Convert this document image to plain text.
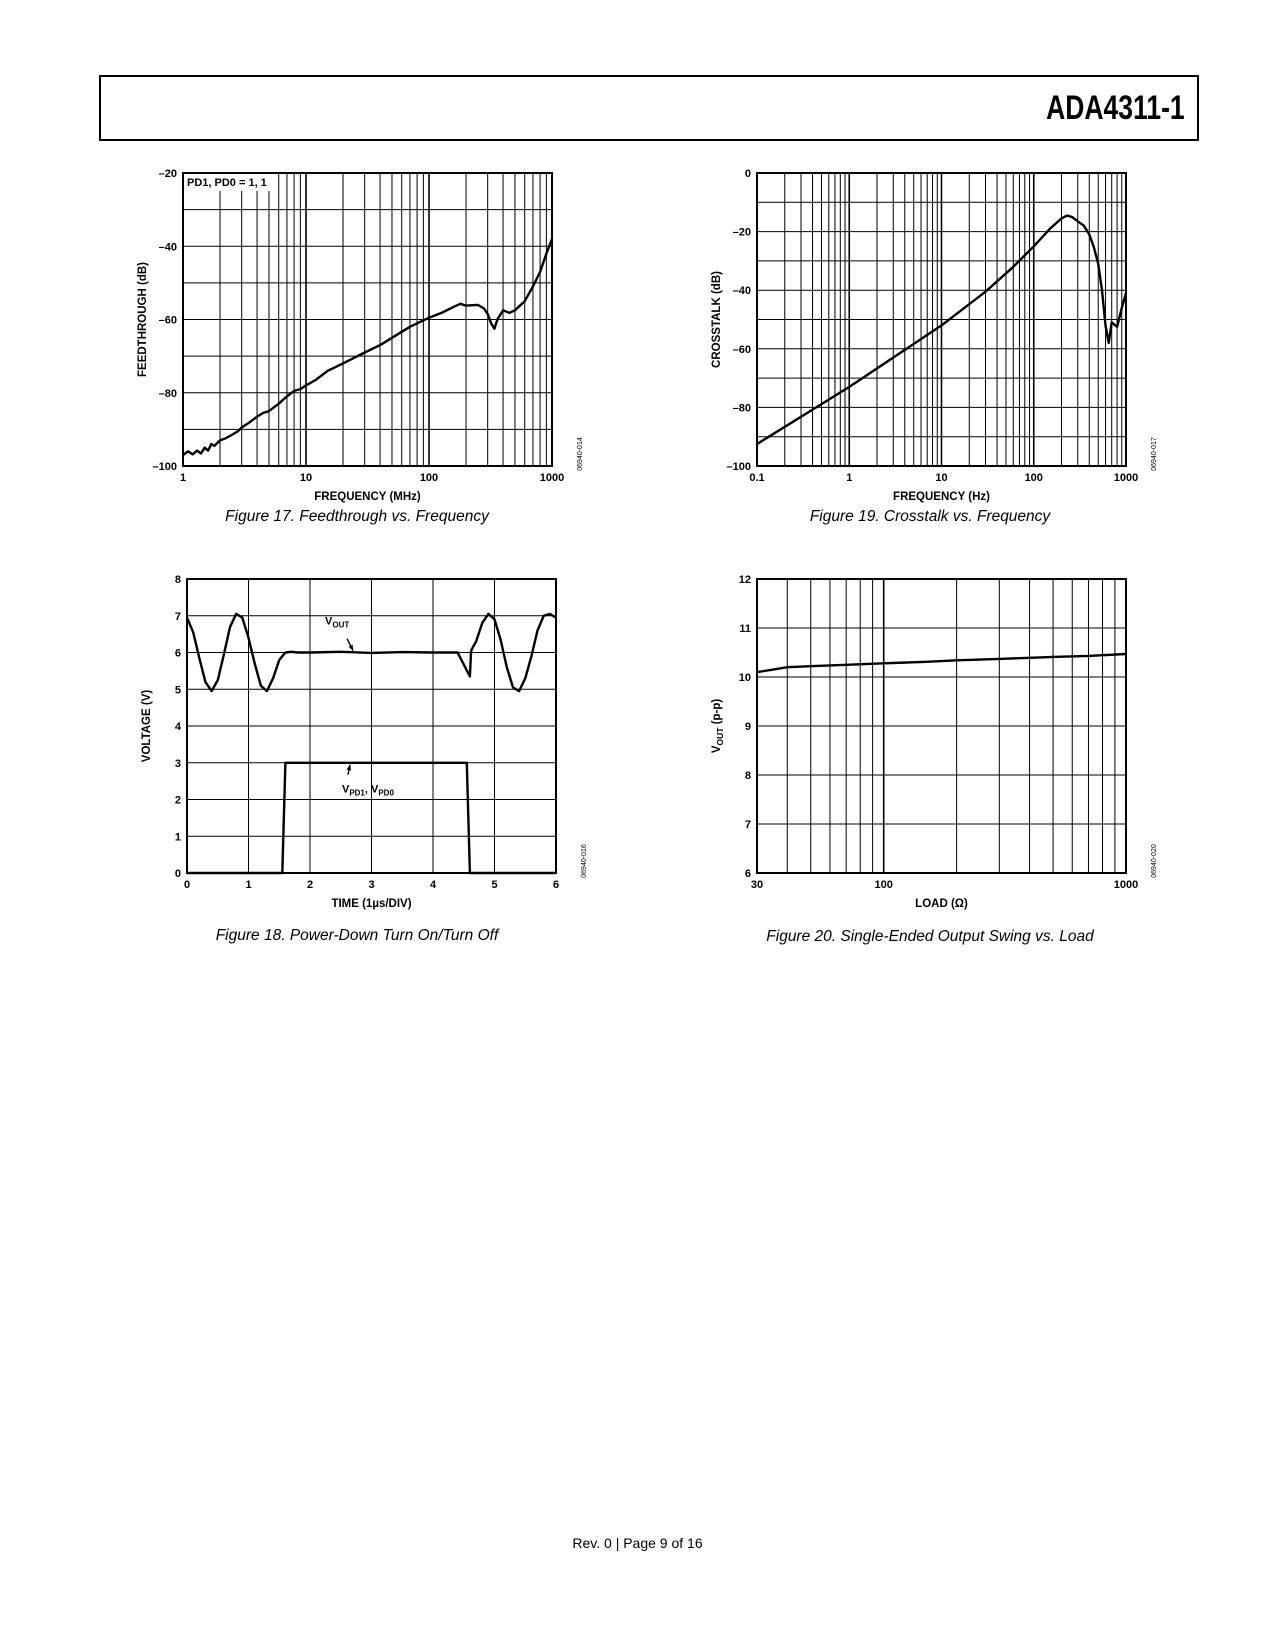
ADA4311-1
1	10	100	1000
–100
–80
–60
–40
–20
FREQUENCY (MHz)
FEEDTHROUGH (dB)
06940-014
PD1, PD0 = 1, 1
0.1	1	10	100	1000
–100
–80
–60
–40
–20
0
FREQUENCY (Hz)
CROSSTALK (dB)
06940-017
0	1	2	3	4	5	6
0
1
2
3
4
5
6
7
8
TIME (1µs/DIV)
VOLTAGE (V)
06940-016
$V_{OUT}$
$V_{PD1}$, $V_{PD0}$
30	100	1000
6
7
8
9
10
11
12
LOAD (Ω)
$V_{OUT}$ (p-p)
06940-020
Figure 17. Feedthrough vs. Frequency	Figure 19. Crosstalk vs. Frequency
Figure 18. Power-Down Turn On/Turn Off	Figure 20. Single-Ended Output Swing vs. Load
Rev. 0 | Page 9 of 16
